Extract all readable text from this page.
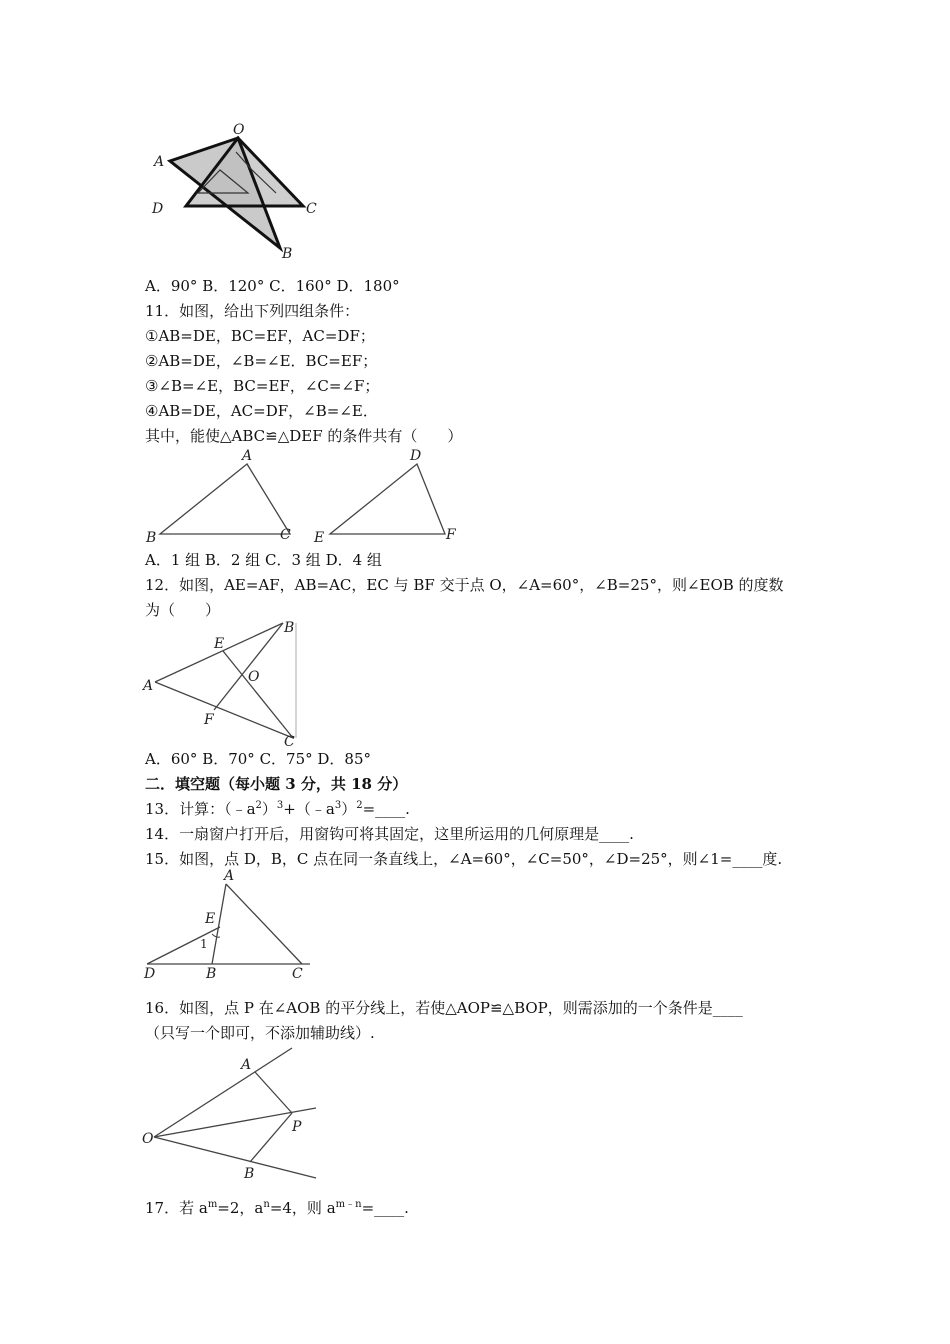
O
A
D	C
B
A．90° B．120° C．160° D．180°
11．如图，给出下列四组条件：
①AB=DE，BC=EF，AC=DF；
②AB=DE，∠B=∠E．BC=EF；
③∠B=∠E，BC=EF，∠C=∠F；
④AB=DE，AC=DF，∠B=∠E．
其中，能使△ABC≌△DEF 的条件共有（　　）
A
B	C
D
E	F
A．1 组 B．2 组 C．3 组 D．4 组
12．如图，AE=AF，AB=AC，EC 与 BF 交于点 O，∠A=60°，∠B=25°，则∠EOB 的度数
为（　　）
A
B
C
E
F
O
A．60° B．70° C．75° D．85°
二．填空题（每小题 3 分，共 18 分）
13．计算：$(﹣a^2)^3+(﹣a^3)^2=\_\_\_\_$.
14．一扇窗户打开后，用窗钩可将其固定，这里所运用的几何原理是____.
15．如图，点 D，B，C 点在同一条直线上，∠A=60°，∠C=50°，∠D=25°，则∠1=____度.
A
E
1
D	B	C
16．如图，点 P 在∠AOB 的平分线上，若使△AOP≌△BOP，则需添加的一个条件是____
（只写一个即可，不添加辅助线）.
A
O
P
B
17．若 $a^m=2$，$a^n=4$，则 $a^{m﹣n}=\_\_\_\_$.
